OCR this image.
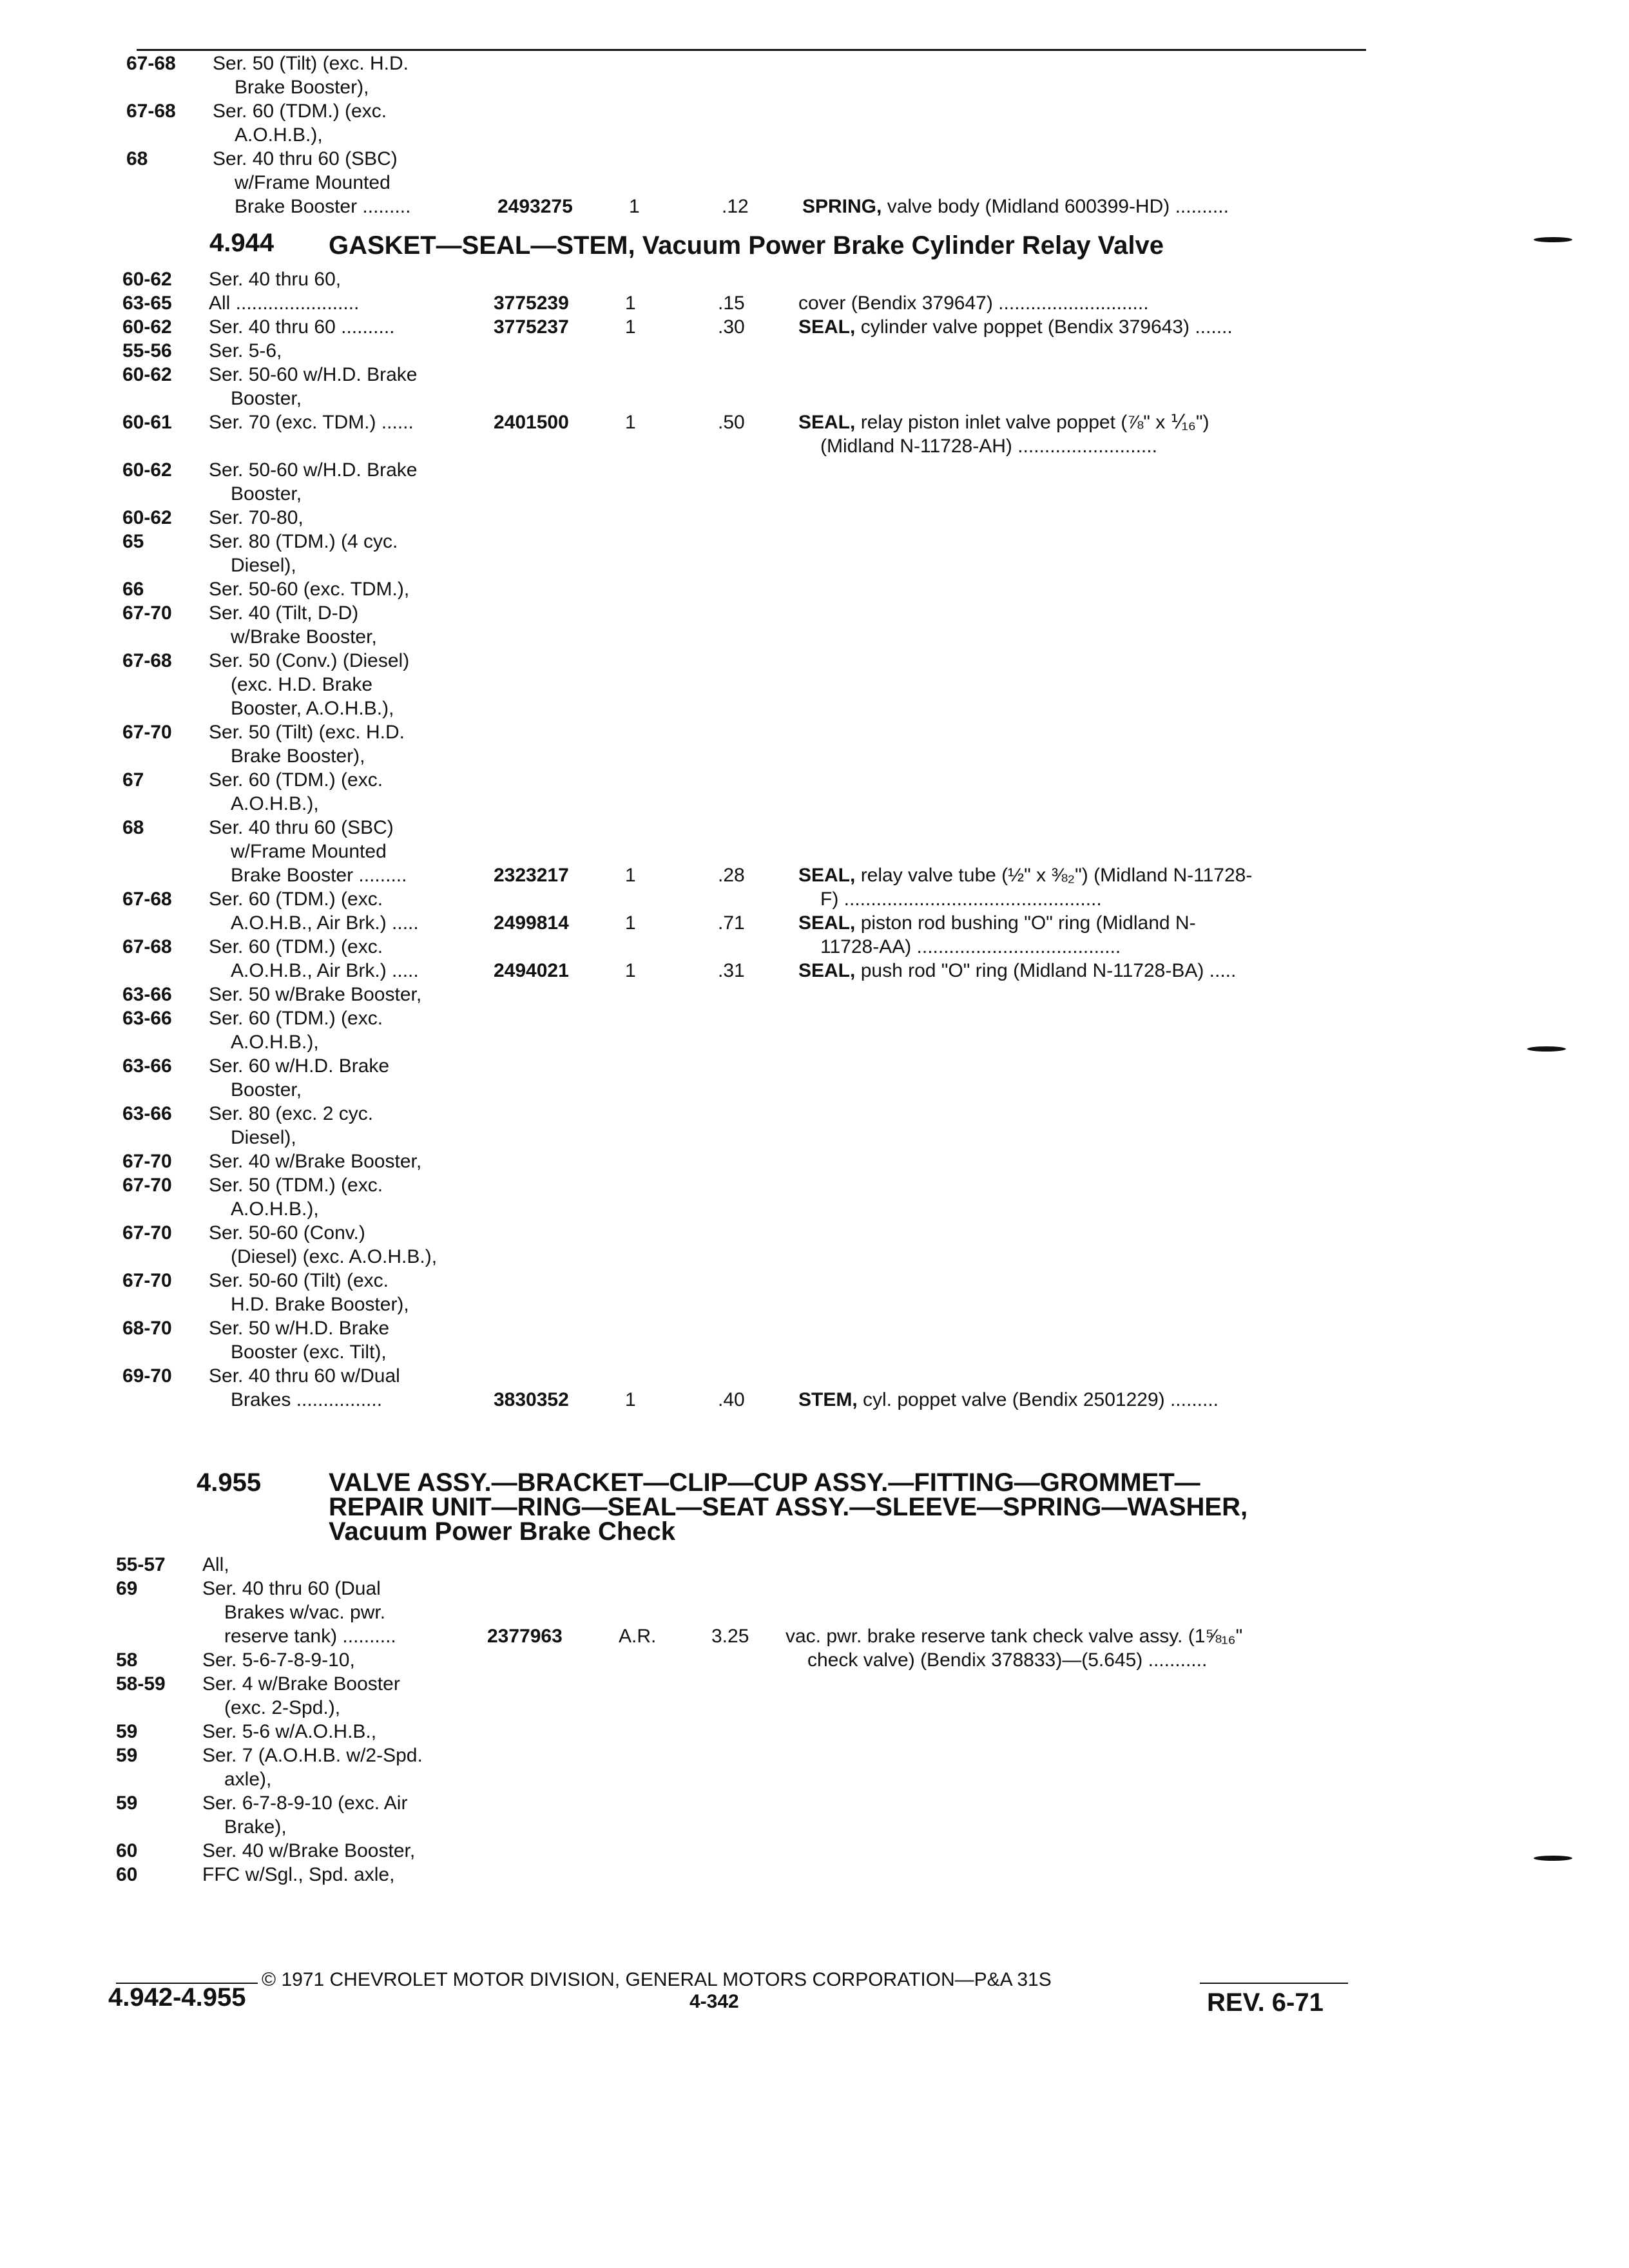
67-68	Ser. 50 (Tilt) (exc. H.D.
Brake Booster),
67-68	Ser. 60 (TDM.) (exc.
A.O.H.B.),
68	Ser. 40 thru 60 (SBC)
w/Frame Mounted
Brake Booster .........	2493275	1	.12	SPRING, valve body (Midland 600399-HD) ..........
4.944 GASKET—SEAL—STEM, Vacuum Power Brake Cylinder Relay Valve
60-62	Ser. 40 thru 60,
63-65	All .......................	3775239	1	.15	cover (Bendix 379647) ............................
60-62	Ser. 40 thru 60 ..........	3775237	1	.30	SEAL, cylinder valve poppet (Bendix 379643) .......
55-56	Ser. 5-6,
60-62	Ser. 50-60 w/H.D. Brake
Booster,
60-61	Ser. 70 (exc. TDM.) ......	2401500	1	.50	SEAL, relay piston inlet valve poppet (⅞" x ⅟₁₆")
(Midland N-11728-AH) ..........................
60-62	Ser. 50-60 w/H.D. Brake
Booster,
60-62	Ser. 70-80,
65	Ser. 80 (TDM.) (4 cyc.
Diesel),
66	Ser. 50-60 (exc. TDM.),
67-70	Ser. 40 (Tilt, D-D)
w/Brake Booster,
67-68	Ser. 50 (Conv.) (Diesel)
(exc. H.D. Brake
Booster, A.O.H.B.),
67-70	Ser. 50 (Tilt) (exc. H.D.
Brake Booster),
67	Ser. 60 (TDM.) (exc.
A.O.H.B.),
68	Ser. 40 thru 60 (SBC)
w/Frame Mounted
Brake Booster .........	2323217	1	.28	SEAL, relay valve tube (½" x ⅜₂") (Midland N-11728-
F) ................................................
67-68	Ser. 60 (TDM.) (exc.
A.O.H.B., Air Brk.) .....	2499814	1	.71	SEAL, piston rod bushing "O" ring (Midland N-
11728-AA) ......................................
67-68	Ser. 60 (TDM.) (exc.
A.O.H.B., Air Brk.) .....	2494021	1	.31	SEAL, push rod "O" ring (Midland N-11728-BA) .....
63-66	Ser. 50 w/Brake Booster,
63-66	Ser. 60 (TDM.) (exc.
A.O.H.B.),
63-66	Ser. 60 w/H.D. Brake
Booster,
63-66	Ser. 80 (exc. 2 cyc.
Diesel),
67-70	Ser. 40 w/Brake Booster,
67-70	Ser. 50 (TDM.) (exc.
A.O.H.B.),
67-70	Ser. 50-60 (Conv.)
(Diesel) (exc. A.O.H.B.),
67-70	Ser. 50-60 (Tilt) (exc.
H.D. Brake Booster),
68-70	Ser. 50 w/H.D. Brake
Booster (exc. Tilt),
69-70	Ser. 40 thru 60 w/Dual
Brakes ................	3830352	1	.40	STEM, cyl. poppet valve (Bendix 2501229) .........
4.955	VALVE ASSY.—BRACKET—CLIP—CUP ASSY.—FITTING—GROMMET—
REPAIR UNIT—RING—SEAL—SEAT ASSY.—SLEEVE—SPRING—WASHER,
Vacuum Power Brake Check
55-57	All,
69	Ser. 40 thru 60 (Dual
Brakes w/vac. pwr.
reserve tank) ..........	2377963	A.R.	3.25	vac. pwr. brake reserve tank check valve assy. (1⅝₁₆"
check valve) (Bendix 378833)—(5.645) ...........
58	Ser. 5-6-7-8-9-10,
58-59	Ser. 4 w/Brake Booster
(exc. 2-Spd.),
59	Ser. 5-6 w/A.O.H.B.,
59	Ser. 7 (A.O.H.B. w/2-Spd.
axle),
59	Ser. 6-7-8-9-10 (exc. Air
Brake),
60	Ser. 40 w/Brake Booster,
60	FFC w/Sgl., Spd. axle,
© 1971 CHEVROLET MOTOR DIVISION, GENERAL MOTORS CORPORATION—P&A 31S
4.942-4.955	4-342	REV. 6-71
